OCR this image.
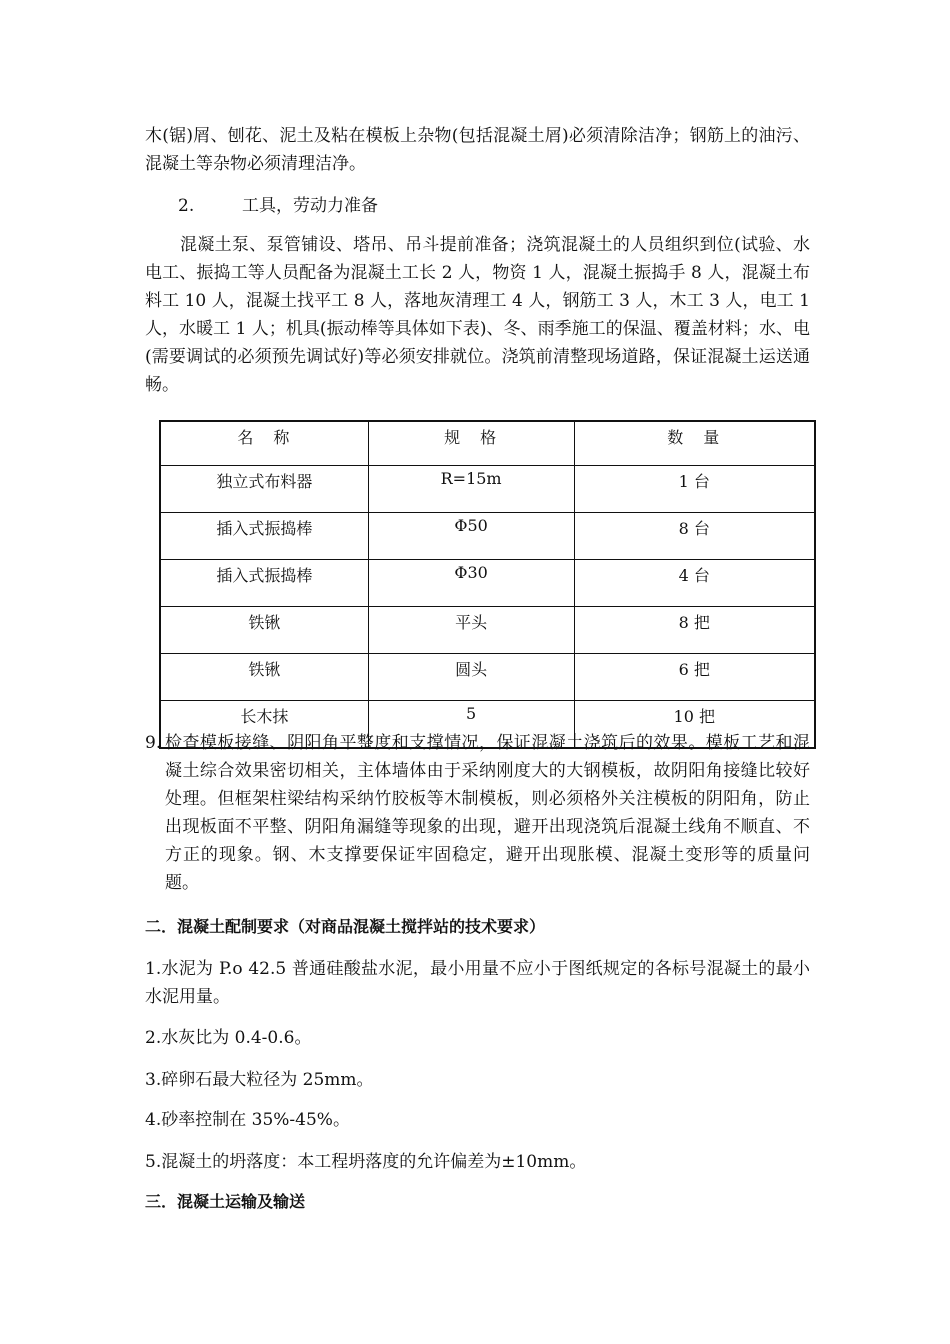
木(锯)屑、刨花、泥土及粘在模板上杂物(包括混凝土屑)必须清除洁净；钢筋上的油污、混凝土等杂物必须清理洁净。

2.	工具，劳动力准备

混凝土泵、泵管铺设、塔吊、吊斗提前准备；浇筑混凝土的人员组织到位(试验、水电工、振捣工等人员配备为混凝土工长 2 人，物资 1 人，混凝土振捣手 8 人，混凝土布料工 10 人，混凝土找平工 8 人，落地灰清理工 4 人，钢筋工 3 人，木工 3 人，电工 1 人，水暖工 1 人；机具(振动棒等具体如下表)、冬、雨季施工的保温、覆盖材料；水、电(需要调试的必须预先调试好)等必须安排就位。浇筑前清整现场道路，保证混凝土运送通畅。

名　称	规　格	数　量
独立式布料器	R=15m	1 台
插入式振捣棒	Φ50	8 台
插入式振捣棒	Φ30	4 台
铁锹	平头	8 把
铁锹	圆头	6 把
长木抹	5	10 把
9. 检查模板接缝、阴阳角平整度和支撑情况，保证混凝土浇筑后的效果。模板工艺和混凝土综合效果密切相关，主体墙体由于采纳刚度大的大钢模板，故阴阳角接缝比较好处理。但框架柱梁结构采纳竹胶板等木制模板，则必须格外关注模板的阴阳角，防止出现板面不平整、阴阳角漏缝等现象的出现，避开出现浇筑后混凝土线角不顺直、不方正的现象。钢、木支撑要保证牢固稳定，避开出现胀模、混凝土变形等的质量问题。

二．混凝土配制要求（对商品混凝土搅拌站的技术要求）

1.水泥为 P.o 42.5 普通硅酸盐水泥，最小用量不应小于图纸规定的各标号混凝土的最小水泥用量。

2.水灰比为 0.4-0.6。

3.碎卵石最大粒径为 25mm。

4.砂率控制在 35%-45%。

5.混凝土的坍落度：本工程坍落度的允许偏差为±10mm。

三．混凝土运输及输送
